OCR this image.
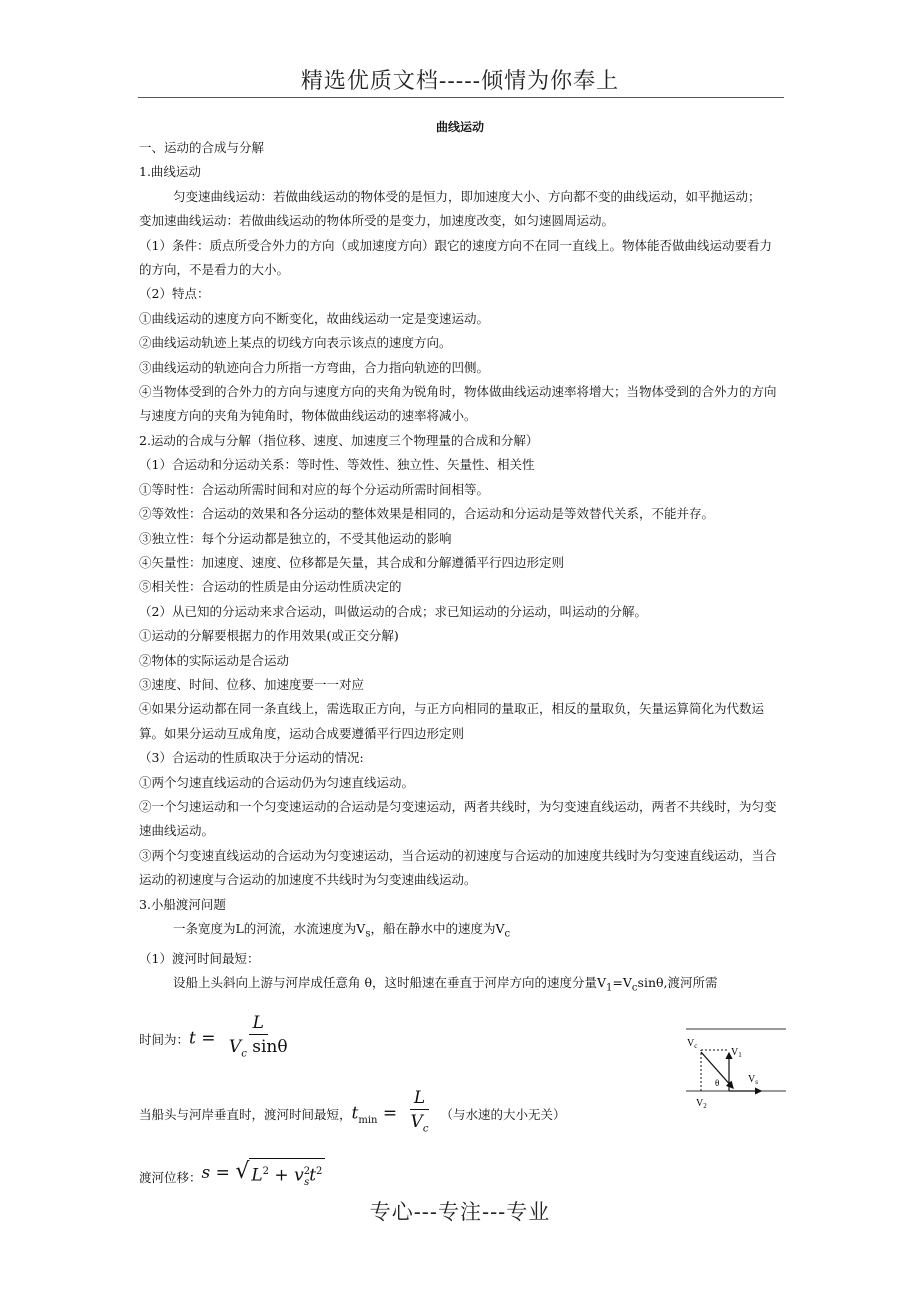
精选优质文档-----倾情为你奉上
曲线运动

一、运动的合成与分解

1.曲线运动

匀变速曲线运动：若做曲线运动的物体受的是恒力，即加速度大小、方向都不变的曲线运动，如平抛运动；

变加速曲线运动：若做曲线运动的物体所受的是变力，加速度改变，如匀速圆周运动。

（1）条件：质点所受合外力的方向（或加速度方向）跟它的速度方向不在同一直线上。物体能否做曲线运动要看力的方向，不是看力的大小。

（2）特点：

①曲线运动的速度方向不断变化，故曲线运动一定是变速运动。

②曲线运动轨迹上某点的切线方向表示该点的速度方向。

③曲线运动的轨迹向合力所指一方弯曲，合力指向轨迹的凹侧。

④当物体受到的合外力的方向与速度方向的夹角为锐角时，物体做曲线运动速率将增大；当物体受到的合外力的方向与速度方向的夹角为钝角时，物体做曲线运动的速率将减小。

2.运动的合成与分解（指位移、速度、加速度三个物理量的合成和分解）

（1）合运动和分运动关系：等时性、等效性、独立性、矢量性、相关性

①等时性：合运动所需时间和对应的每个分运动所需时间相等。

②等效性：合运动的效果和各分运动的整体效果是相同的，合运动和分运动是等效替代关系，不能并存。

③独立性：每个分运动都是独立的，不受其他运动的影响

④矢量性：加速度、速度、位移都是矢量，其合成和分解遵循平行四边形定则

⑤相关性：合运动的性质是由分运动性质决定的

（2）从已知的分运动来求合运动，叫做运动的合成；求已知运动的分运动，叫运动的分解。

①运动的分解要根据力的作用效果(或正交分解)

②物体的实际运动是合运动

③速度、时间、位移、加速度要一一对应

④如果分运动都在同一条直线上，需选取正方向，与正方向相同的量取正，相反的量取负，矢量运算简化为代数运算。如果分运动互成角度，运动合成要遵循平行四边形定则

（3）合运动的性质取决于分运动的情况:

①两个匀速直线运动的合运动仍为匀速直线运动。

②一个匀速运动和一个匀变速运动的合运动是匀变速运动，两者共线时，为匀变速直线运动，两者不共线时，为匀变速曲线运动。

③两个匀变速直线运动的合运动为匀变速运动，当合运动的初速度与合运动的加速度共线时为匀变速直线运动，当合运动的初速度与合运动的加速度不共线时为匀变速曲线运动。

3.小船渡河问题

一条宽度为L的河流，水流速度为$V_s$，船在静水中的速度为$V_c$

（1）渡河时间最短：

设船上头斜向上游与河岸成任意角 θ，这时船速在垂直于河岸方向的速度分量$V_1=V_c\sin\theta$,渡河所需

时间为： $t = \frac{L}{V_c \sin\theta}$
当船头与河岸垂直时，渡河时间最短， $t_{min} = \frac{L}{V_c}$ （与水速的大小无关）
渡河位移： s = √ $L^2 + v^2_st^2$
$V_c$
$V_1$
$V_s$
$V_2$
θ
专心---专注---专业
